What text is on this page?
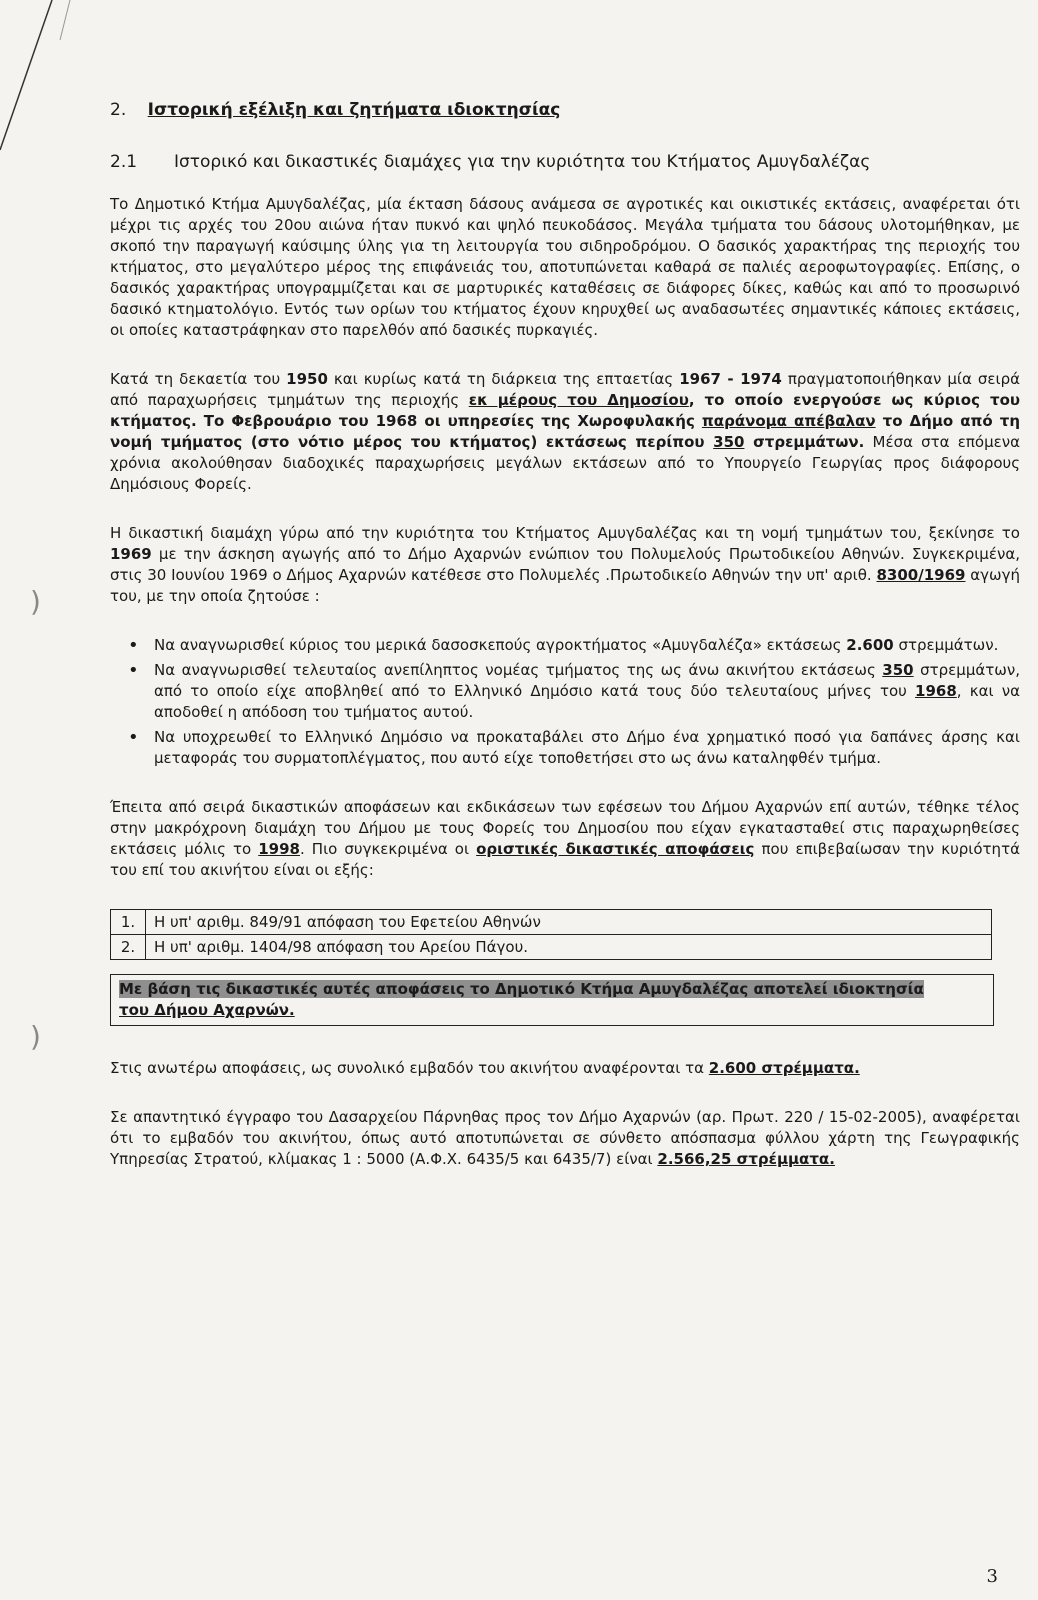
)
)
2. Ιστορική εξέλιξη και ζητήματα ιδιοκτησίας
2.1	Ιστορικό και δικαστικές διαμάχες για την κυριότητα του Κτήματος Αμυγδαλέζας

Το Δημοτικό Κτήμα Αμυγδαλέζας, μία έκταση δάσους ανάμεσα σε αγροτικές και οικιστικές εκτάσεις, αναφέρεται ότι μέχρι τις αρχές του 20ου αιώνα ήταν πυκνό και ψηλό πευκοδάσος. Μεγάλα τμήματα του δάσους υλοτομήθηκαν, με σκοπό την παραγωγή καύσιμης ύλης για τη λειτουργία του σιδηροδρόμου. Ο δασικός χαρακτήρας της περιοχής του κτήματος, στο μεγαλύτερο μέρος της επιφάνειάς του, αποτυπώνεται καθαρά σε παλιές αεροφωτογραφίες. Επίσης, ο δασικός χαρακτήρας υπογραμμίζεται και σε μαρτυρικές καταθέσεις σε διάφορες δίκες, καθώς και από το προσωρινό δασικό κτηματολόγιο. Εντός των ορίων του κτήματος έχουν κηρυχθεί ως αναδασωτέες σημαντικές κάποιες εκτάσεις, οι οποίες καταστράφηκαν στο παρελθόν από δασικές πυρκαγιές.

Κατά τη δεκαετία του 1950 και κυρίως κατά τη διάρκεια της επταετίας 1967 - 1974 πραγματοποιήθηκαν μία σειρά από παραχωρήσεις τμημάτων της περιοχής εκ μέρους του Δημοσίου, το οποίο ενεργούσε ως κύριος του κτήματος. Το Φεβρουάριο του 1968 οι υπηρεσίες της Χωροφυλακής παράνομα απέβαλαν το Δήμο από τη νομή τμήματος (στο νότιο μέρος του κτήματος) εκτάσεως περίπου 350 στρεμμάτων. Μέσα στα επόμενα χρόνια ακολούθησαν διαδοχικές παραχωρήσεις μεγάλων εκτάσεων από το Υπουργείο Γεωργίας προς διάφορους Δημόσιους Φορείς.

Η δικαστική διαμάχη γύρω από την κυριότητα του Κτήματος Αμυγδαλέζας και τη νομή τμημάτων του, ξεκίνησε το 1969 με την άσκηση αγωγής από το Δήμο Αχαρνών ενώπιον του Πολυμελούς Πρωτοδικείου Αθηνών. Συγκεκριμένα, στις 30 Ιουνίου 1969 ο Δήμος Αχαρνών κατέθεσε στο Πολυμελές .Πρωτοδικείο Αθηνών την υπ' αριθ. 8300/1969 αγωγή του, με την οποία ζητούσε :

• Να αναγνωρισθεί κύριος του μερικά δασοσκεπούς αγροκτήματος «Αμυγδαλέζα» εκτάσεως 2.600 στρεμμάτων.
• Να αναγνωρισθεί τελευταίος ανεπίληπτος νομέας τμήματος της ως άνω ακινήτου εκτάσεως 350 στρεμμάτων, από το οποίο είχε αποβληθεί από το Ελληνικό Δημόσιο κατά τους δύο τελευταίους μήνες του 1968, και να αποδοθεί η απόδοση του τμήματος αυτού.
• Να υποχρεωθεί το Ελληνικό Δημόσιο να προκαταβάλει στο Δήμο ένα χρηματικό ποσό για δαπάνες άρσης και μεταφοράς του συρματοπλέγματος, που αυτό είχε τοποθετήσει στο ως άνω καταληφθέν τμήμα.

Έπειτα από σειρά δικαστικών αποφάσεων και εκδικάσεων των εφέσεων του Δήμου Αχαρνών επί αυτών, τέθηκε τέλος στην μακρόχρονη διαμάχη του Δήμου με τους Φορείς του Δημοσίου που είχαν εγκατασταθεί στις παραχωρηθείσες εκτάσεις μόλις το 1998. Πιο συγκεκριμένα οι οριστικές δικαστικές αποφάσεις που επιβεβαίωσαν την κυριότητά του επί του ακινήτου είναι οι εξής:

1.	Η υπ' αριθμ. 849/91 απόφαση του Εφετείου Αθηνών
2.	Η υπ' αριθμ. 1404/98 απόφαση του Αρείου Πάγου.
Με βάση τις δικαστικές αυτές αποφάσεις το Δημοτικό Κτήμα Αμυγδαλέζας αποτελεί ιδιοκτησία
του Δήμου Αχαρνών.

Στις ανωτέρω αποφάσεις, ως συνολικό εμβαδόν του ακινήτου αναφέρονται τα 2.600 στρέμματα.

Σε απαντητικό έγγραφο του Δασαρχείου Πάρνηθας προς τον Δήμο Αχαρνών (αρ. Πρωτ. 220 / 15-02-2005), αναφέρεται ότι το εμβαδόν του ακινήτου, όπως αυτό αποτυπώνεται σε σύνθετο απόσπασμα φύλλου χάρτη της Γεωγραφικής Υπηρεσίας Στρατού, κλίμακας 1 : 5000 (Α.Φ.Χ. 6435/5 και 6435/7) είναι 2.566,25 στρέμματα.

3
